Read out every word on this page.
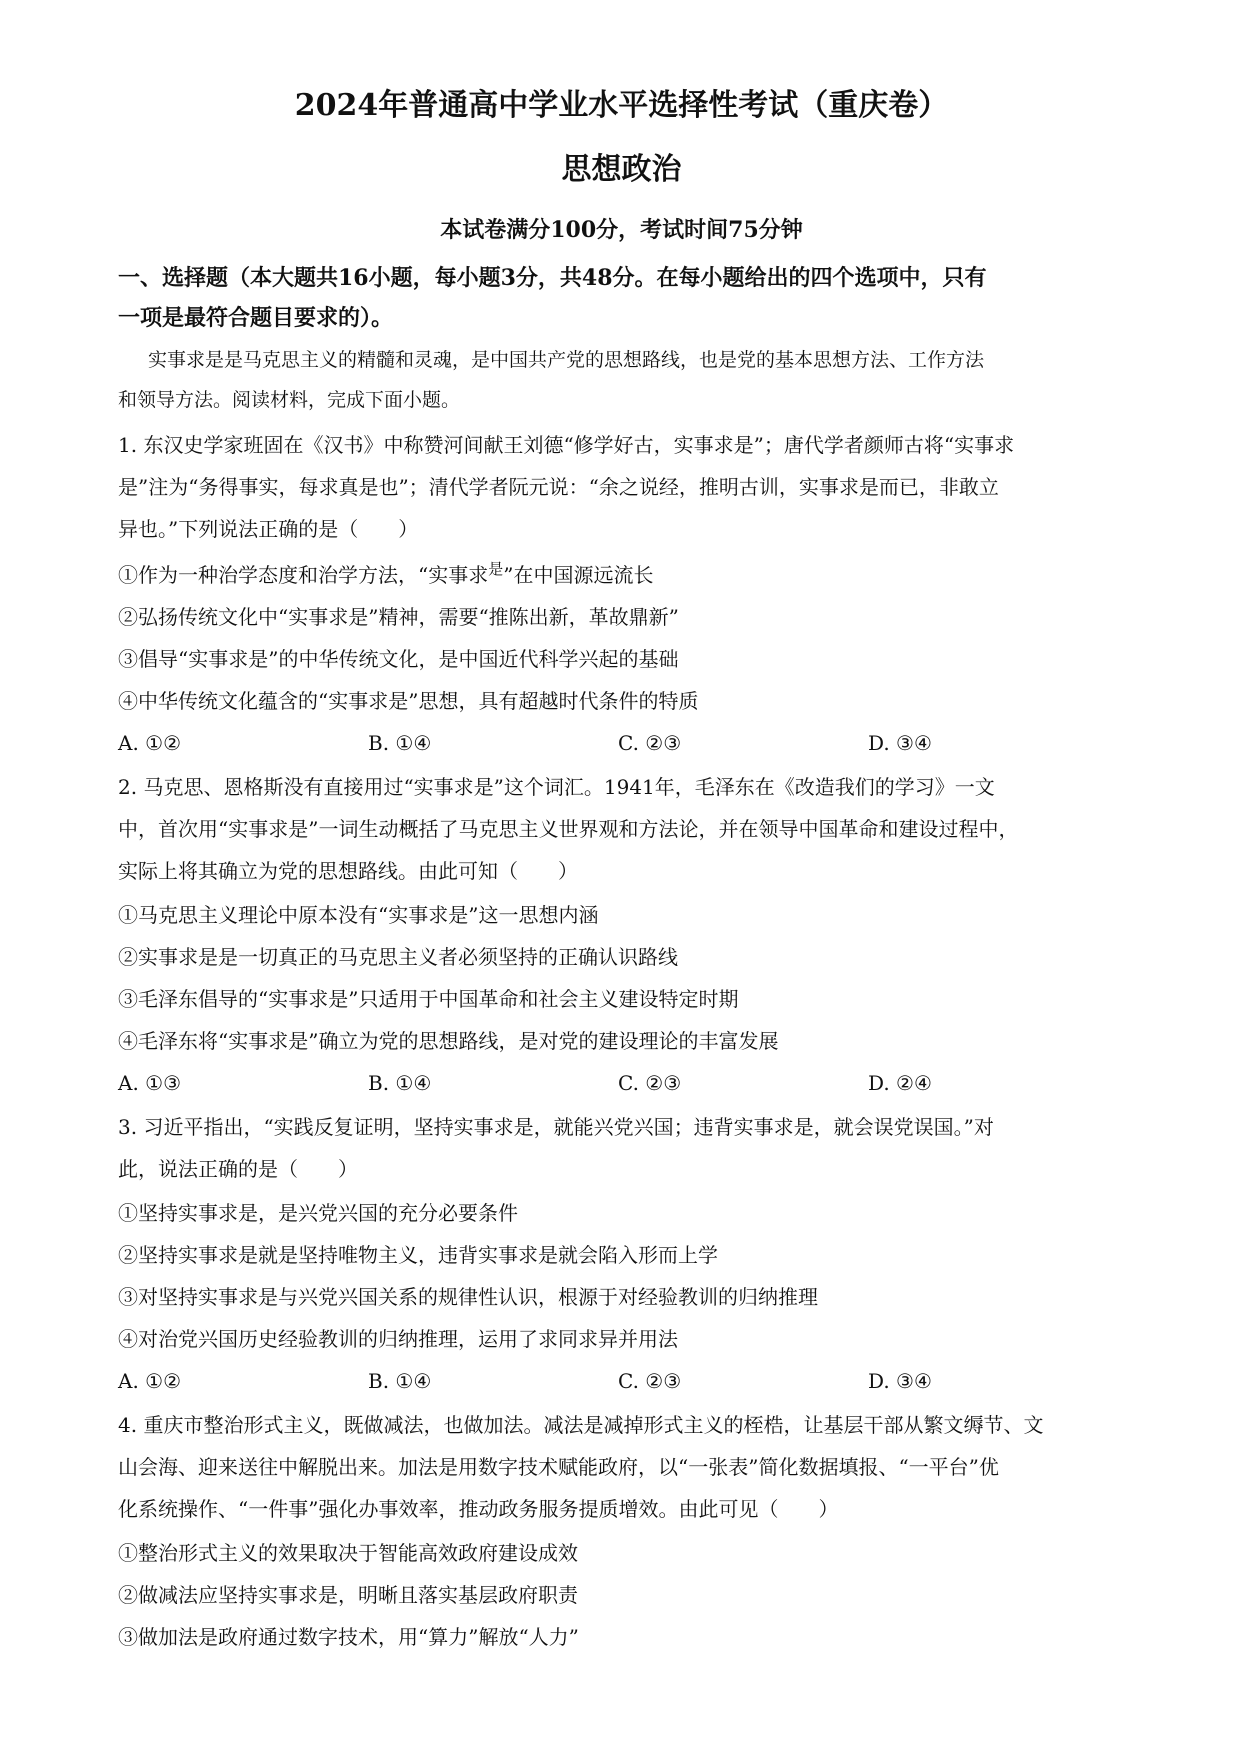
2024年普通高中学业水平选择性考试（重庆卷）
思想政治
本试卷满分100分，考试时间75分钟
一、选择题（本大题共16小题，每小题3分，共48分。在每小题给出的四个选项中，只有
一项是最符合题目要求的）。
实事求是是马克思主义的精髓和灵魂，是中国共产党的思想路线，也是党的基本思想方法、工作方法
和领导方法。阅读材料，完成下面小题。
1. 东汉史学家班固在《汉书》中称赞河间献王刘德“修学好古，实事求是”；唐代学者颜师古将“实事求
是”注为“务得事实，每求真是也”；清代学者阮元说：“余之说经，推明古训，实事求是而已，非敢立
异也。”下列说法正确的是（　　）
①作为一种治学态度和治学方法，“实事求$^是$”在中国源远流长
②弘扬传统文化中“实事求是”精神，需要“推陈出新，革故鼎新”
③倡导“实事求是”的中华传统文化，是中国近代科学兴起的基础
④中华传统文化蕴含的“实事求是”思想，具有超越时代条件的特质
A. ①②	B. ①④	C. ②③	D. ③④
2. 马克思、恩格斯没有直接用过“实事求是”这个词汇。1941年，毛泽东在《改造我们的学习》一文
中，首次用“实事求是”一词生动概括了马克思主义世界观和方法论，并在领导中国革命和建设过程中，
实际上将其确立为党的思想路线。由此可知（　　）
①马克思主义理论中原本没有“实事求是”这一思想内涵
②实事求是是一切真正的马克思主义者必须坚持的正确认识路线
③毛泽东倡导的“实事求是”只适用于中国革命和社会主义建设特定时期
④毛泽东将“实事求是”确立为党的思想路线，是对党的建设理论的丰富发展
A. ①③	B. ①④	C. ②③	D. ②④
3. 习近平指出，“实践反复证明，坚持实事求是，就能兴党兴国；违背实事求是，就会误党误国。”对
此，说法正确的是（　　）
①坚持实事求是，是兴党兴国的充分必要条件
②坚持实事求是就是坚持唯物主义，违背实事求是就会陷入形而上学
③对坚持实事求是与兴党兴国关系的规律性认识，根源于对经验教训的归纳推理
④对治党兴国历史经验教训的归纳推理，运用了求同求异并用法
A. ①②	B. ①④	C. ②③	D. ③④
4. 重庆市整治形式主义，既做减法，也做加法。减法是减掉形式主义的桎梏，让基层干部从繁文缛节、文
山会海、迎来送往中解脱出来。加法是用数字技术赋能政府，以“一张表”简化数据填报、“一平台”优
化系统操作、“一件事”强化办事效率，推动政务服务提质增效。由此可见（　　）
①整治形式主义的效果取决于智能高效政府建设成效
②做减法应坚持实事求是，明晰且落实基层政府职责
③做加法是政府通过数字技术，用“算力”解放“人力”
